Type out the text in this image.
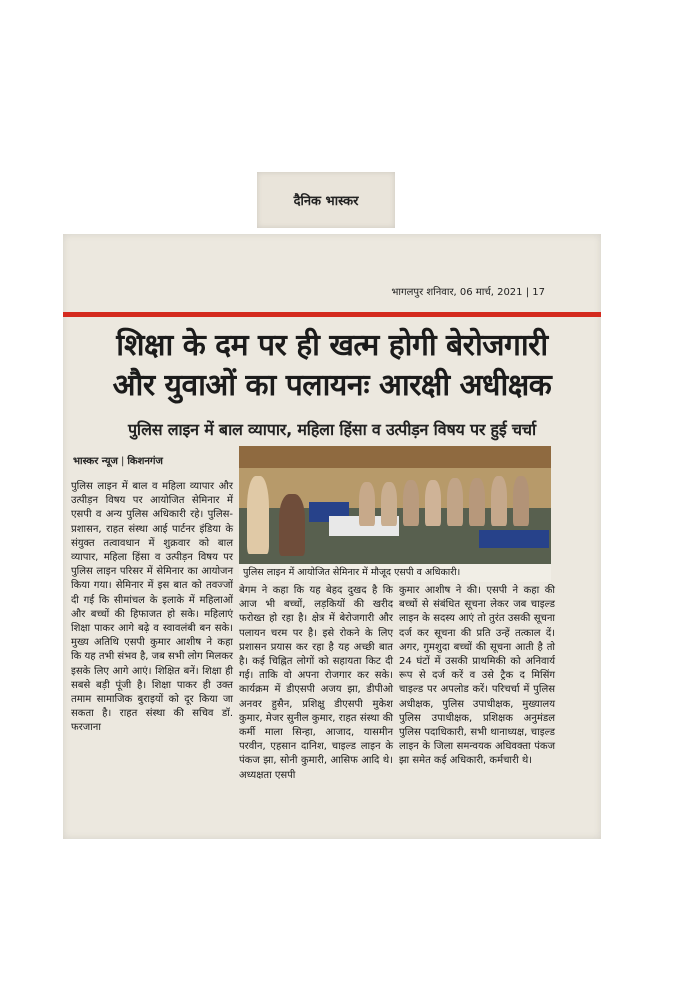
दैनिक भास्कर
भागलपुर शनिवार, 06 मार्च, 2021 | 17
शिक्षा के दम पर ही खत्म होगी बेरोजगारी
और युवाओं का पलायनः आरक्षी अधीक्षक
पुलिस लाइन में बाल व्यापार, महिला हिंसा व उत्पीड़न विषय पर हुई चर्चा
भास्कर न्यूज | किशनगंज
पुलिस लाइन में आयोजित सेमिनार में मौजूद एसपी व अधिकारी।

पुलिस लाइन में बाल व महिला व्यापार और उत्पीड़न विषय पर आयोजित सेमिनार में एसपी व अन्य पुलिस अधिकारी रहे। पुलिस-प्रशासन, राहत संस्था आई पार्टनर इंडिया के संयुक्त तत्वावधान में शुक्रवार को बाल व्यापार, महिला हिंसा व उत्पीड़न विषय पर पुलिस लाइन परिसर में सेमिनार का आयोजन किया गया। सेमिनार में इस बात को तवज्जों दी गई कि सीमांचल के इलाके में महिलाओं और बच्चों की हिफाजत हो सके। महिलाएं शिक्षा पाकर आगे बढ़े व स्वावलंबी बन सके। मुख्य अतिथि एसपी कुमार आशीष ने कहा कि यह तभी संभव है, जब सभी लोग मिलकर इसके लिए आगे आएं। शिक्षित बनें। शिक्षा ही सबसे बड़ी पूंजी है। शिक्षा पाकर ही उक्त तमाम सामाजिक बुराइयों को दूर किया जा सकता है। राहत संस्था की सचिव डॉ. फरजाना

बेगम ने कहा कि यह बेहद दुखद है कि आज भी बच्चों, लड़कियों की खरीद फरोख्त हो रहा है। क्षेत्र में बेरोजगारी और पलायन चरम पर है। इसे रोकने के लिए प्रशासन प्रयास कर रहा है यह अच्छी बात है। कई चिह्नित लोगों को सहायता किट दी गई। ताकि वो अपना रोजगार कर सके। कार्यक्रम में डीएसपी अजय झा, डीपीओ अनवर हुसैन, प्रशिक्षु डीएसपी मुकेश कुमार, मेजर सुनील कुमार, राहत संस्था की कर्मी माला सिन्हा, आजाद, यासमीन परवीन, एहसान दानिश, चाइल्ड लाइन के पंकज झा, सोनी कुमारी, आसिफ आदि थे। अध्यक्षता एसपी

कुमार आशीष ने की। एसपी ने कहा की बच्चों से संबंधित सूचना लेकर जब चाइल्ड लाइन के सदस्य आएं तो तुरंत उसकी सूचना दर्ज कर सूचना की प्रति उन्हें तत्काल दें। अगर, गुमशुदा बच्चों की सूचना आती है तो 24 घंटों में उसकी प्राथमिकी को अनिवार्य रूप से दर्ज करें व उसे ट्रैक द मिसिंग चाइल्ड पर अपलोड करें। परिचर्चा में पुलिस अधीक्षक, पुलिस उपाधीक्षक, मुख्यालय पुलिस उपाधीक्षक, प्रशिक्षक अनुमंडल पुलिस पदाधिकारी, सभी थानाध्यक्ष, चाइल्ड लाइन के जिला समन्वयक अधिवक्ता पंकज झा समेत कई अधिकारी, कर्मचारी थे।
